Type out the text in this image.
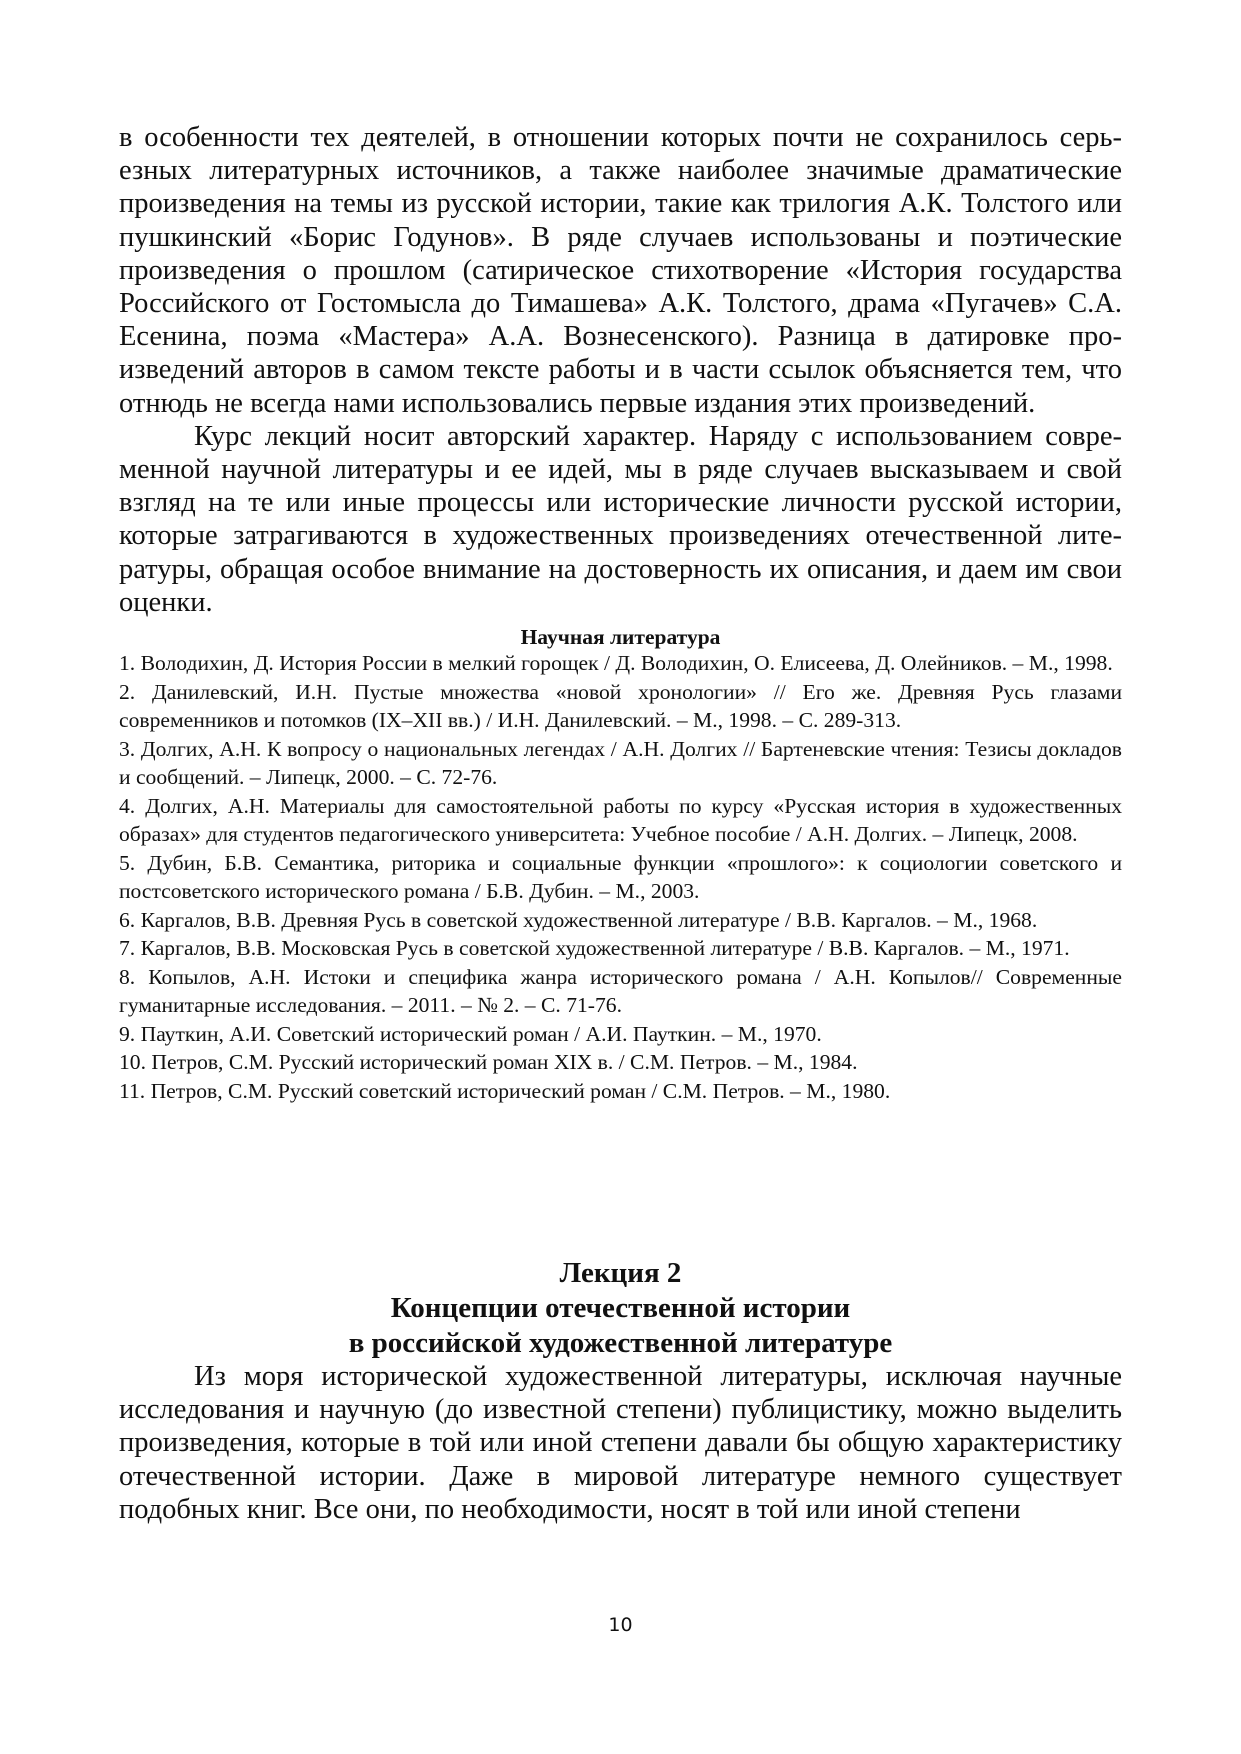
в особенности тех деятелей, в отношении которых почти не сохранилось серьезных литературных источников, а также наиболее значимые драматические произведения на темы из русской истории, такие как трилогия А.К. Толстого или пушкинский «Борис Годунов». В ряде случаев использованы и поэтические произведения о прошлом (сатирическое стихотворение «История государства Российского от Гостомысла до Тимашева» А.К. Толстого, драма «Пугачев» С.А. Есенина, поэма «Мастера» А.А. Вознесенского). Разница в датировке произведений авторов в самом тексте работы и в части ссылок объясняется тем, что отнюдь не всегда нами использовались первые издания этих произведений.

Курс лекций носит авторский характер. Наряду с использованием современной научной литературы и ее идей, мы в ряде случаев высказываем и свой взгляд на те или иные процессы или исторические личности русской истории, которые затрагиваются в художественных произведениях отечественной литературы, обращая особое внимание на достоверность их описания, и даем им свои оценки.

Научная литература
1. Володихин, Д. История России в мелкий горощек / Д. Володихин, О. Елисеева, Д. Олейников. – М., 1998.
2. Данилевский, И.Н. Пустые множества «новой хронологии» // Его же. Древняя Русь глазами современников и потомков (IX–XII вв.) / И.Н. Данилевский. – М., 1998. – С. 289-313.
3. Долгих, А.Н. К вопросу о национальных легендах / А.Н. Долгих // Бартеневские чтения: Тезисы докладов и сообщений. – Липецк, 2000. – С. 72-76.
4. Долгих, А.Н. Материалы для самостоятельной работы по курсу «Русская история в художественных образах» для студентов педагогического университета: Учебное пособие / А.Н. Долгих. – Липецк, 2008.
5. Дубин, Б.В. Семантика, риторика и социальные функции «прошлого»: к социологии советского и постсоветского исторического романа / Б.В. Дубин. – М., 2003.
6. Каргалов, В.В. Древняя Русь в советской художественной литературе / В.В. Каргалов. – М., 1968.
7. Каргалов, В.В. Московская Русь в советской художественной литературе / В.В. Каргалов. – М., 1971.
8. Копылов, А.Н. Истоки и специфика жанра исторического романа / А.Н. Копылов// Современные гуманитарные исследования. – 2011. – № 2. – С. 71-76.
9. Пауткин, А.И. Советский исторический роман / А.И. Пауткин. – М., 1970.
10. Петров, С.М. Русский исторический роман XIX в. / С.М. Петров. – М., 1984.
11. Петров, С.М. Русский советский исторический роман / С.М. Петров. – М., 1980.
Лекция 2
Концепции отечественной истории
в российской художественной литературе

Из моря исторической художественной литературы, исключая научные исследования и научную (до известной степени) публицистику, можно выделить произведения, которые в той или иной степени давали бы общую характеристику отечественной истории. Даже в мировой литературе немного существует подобных книг. Все они, по необходимости, носят в той или иной степени

10
